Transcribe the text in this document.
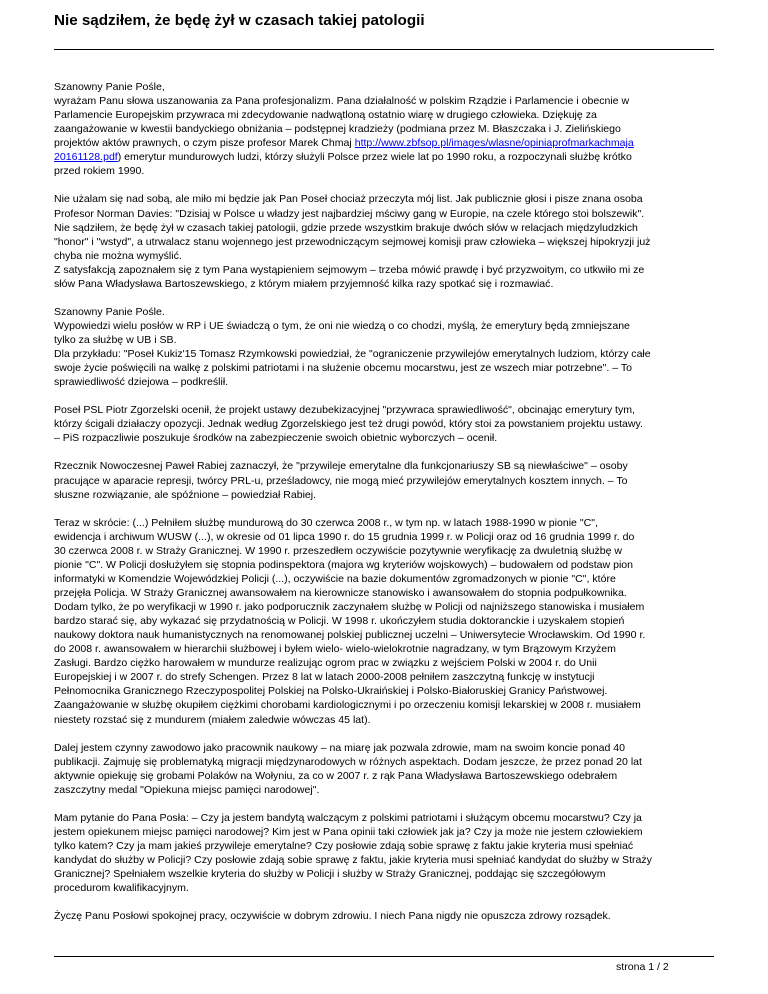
Nie sądziłem, że będę żył w czasach takiej patologii

Szanowny Panie Pośle,
wyrażam Panu słowa uszanowania za Pana profesjonalizm. Pana działalność w polskim Rządzie i Parlamencie i obecnie w
Parlamencie Europejskim przywraca mi zdecydowanie nadwątloną ostatnio wiarę w drugiego człowieka. Dziękuję za
zaangażowanie w kwestii bandyckiego obniżania – podstępnej kradzieży (podmiana przez M. Błaszczaka i J. Zielińskiego
projektów aktów prawnych, o czym pisze profesor Marek Chmaj http://www.zbfsop.pl/images/wlasne/opiniaprofmarkachmaja
20161128.pdf) emerytur mundurowych ludzi, którzy służyli Polsce przez wiele lat po 1990 roku, a rozpoczynali służbę krótko
przed rokiem 1990.

Nie użalam się nad sobą, ale miło mi będzie jak Pan Poseł chociaż przeczyta mój list. Jak publicznie głosi i pisze znana osoba
Profesor Norman Davies: "Dzisiaj w Polsce u władzy jest najbardziej mściwy gang w Europie, na czele którego stoi bolszewik".
Nie sądziłem, że będę żył w czasach takiej patologii, gdzie przede wszystkim brakuje dwóch słów w relacjach międzyludzkich
"honor" i "wstyd", a utrwalacz stanu wojennego jest przewodniczącym sejmowej komisji praw człowieka – większej hipokryzji już
chyba nie można wymyślić.
Z satysfakcją zapoznałem się z tym Pana wystąpieniem sejmowym – trzeba mówić prawdę i być przyzwoitym, co utkwiło mi ze
słów Pana Władysława Bartoszewskiego, z którym miałem przyjemność kilka razy spotkać się i rozmawiać.

Szanowny Panie Pośle.
Wypowiedzi wielu posłów w RP i UE świadczą o tym, że oni nie wiedzą o co chodzi, myślą, że emerytury będą zmniejszane
tylko za służbę w UB i SB.
Dla przykładu: "Poseł Kukiz'15 Tomasz Rzymkowski powiedział, że "ograniczenie przywilejów emerytalnych ludziom, którzy całe
swoje życie poświęcili na walkę z polskimi patriotami i na służenie obcemu mocarstwu, jest ze wszech miar potrzebne". – To
sprawiedliwość dziejowa – podkreślił.

Poseł PSL Piotr Zgorzelski ocenił, że projekt ustawy dezubekizacyjnej "przywraca sprawiedliwość", obcinając emerytury tym,
którzy ścigali działaczy opozycji. Jednak według Zgorzelskiego jest też drugi powód, który stoi za powstaniem projektu ustawy.
– PiS rozpaczliwie poszukuje środków na zabezpieczenie swoich obietnic wyborczych – ocenił.

Rzecznik Nowoczesnej Paweł Rabiej zaznaczył, że "przywileje emerytalne dla funkcjonariuszy SB są niewłaściwe" – osoby
pracujące w aparacie represji, twórcy PRL-u, prześladowcy, nie mogą mieć przywilejów emerytalnych kosztem innych. – To
słuszne rozwiązanie, ale spóźnione – powiedział Rabiej.

Teraz w skrócie: (...) Pełniłem służbę mundurową do 30 czerwca 2008 r., w tym np. w latach 1988-1990 w pionie "C",
ewidencja i archiwum WUSW (...), w okresie od 01 lipca 1990 r. do 15 grudnia 1999 r. w Policji oraz od 16 grudnia 1999 r. do
30 czerwca 2008 r. w Straży Granicznej. W 1990 r. przeszedłem oczywiście pozytywnie weryfikację za dwuletnią służbę w
pionie "C". W Policji dosłużyłem się stopnia podinspektora (majora wg kryteriów wojskowych) – budowałem od podstaw pion
informatyki w Komendzie Wojewódzkiej Policji (...), oczywiście na bazie dokumentów zgromadzonych w pionie "C", które
przejęła Policja. W Straży Granicznej awansowałem na kierownicze stanowisko i awansowałem do stopnia podpułkownika.
Dodam tylko, że po weryfikacji w 1990 r. jako podporucznik zaczynałem służbę w Policji od najniższego stanowiska i musiałem
bardzo starać się, aby wykazać się przydatnością w Policji. W 1998 r. ukończyłem studia doktoranckie i uzyskałem stopień
naukowy doktora nauk humanistycznych na renomowanej polskiej publicznej uczelni – Uniwersytecie Wrocławskim. Od 1990 r.
do 2008 r. awansowałem w hierarchii służbowej i byłem wielo- wielo-wielokrotnie nagradzany, w tym Brązowym Krzyżem
Zasługi. Bardzo ciężko harowałem w mundurze realizując ogrom prac w związku z wejściem Polski w 2004 r. do Unii
Europejskiej i w 2007 r. do strefy Schengen. Przez 8 lat w latach 2000-2008 pełniłem zaszczytną funkcję w instytucji
Pełnomocnika Granicznego Rzeczypospolitej Polskiej na Polsko-Ukraińskiej i Polsko-Białoruskiej Granicy Państwowej.
Zaangażowanie w służbę okupiłem ciężkimi chorobami kardiologicznymi i po orzeczeniu komisji lekarskiej w 2008 r. musiałem
niestety rozstać się z mundurem (miałem zaledwie wówczas 45 lat).

Dalej jestem czynny zawodowo jako pracownik naukowy – na miarę jak pozwala zdrowie, mam na swoim koncie ponad 40
publikacji. Zajmuję się problematyką migracji międzynarodowych w różnych aspektach. Dodam jeszcze, że przez ponad 20 lat
aktywnie opiekuję się grobami Polaków na Wołyniu, za co w 2007 r. z rąk Pana Władysława Bartoszewskiego odebrałem
zaszczytny medal "Opiekuna miejsc pamięci narodowej".

Mam pytanie do Pana Posła: – Czy ja jestem bandytą walczącym z polskimi patriotami i służącym obcemu mocarstwu? Czy ja
jestem opiekunem miejsc pamięci narodowej? Kim jest w Pana opinii taki człowiek jak ja? Czy ja może nie jestem człowiekiem
tylko katem? Czy ja mam jakieś przywileje emerytalne? Czy posłowie zdają sobie sprawę z faktu jakie kryteria musi spełniać
kandydat do służby w Policji? Czy posłowie zdają sobie sprawę z faktu, jakie kryteria musi spełniać kandydat do służby w Straży
Granicznej? Spełniałem wszelkie kryteria do służby w Policji i służby w Straży Granicznej, poddając się szczegółowym
procedurom kwalifikacyjnym.

Życzę Panu Posłowi spokojnej pracy, oczywiście w dobrym zdrowiu. I niech Pana nigdy nie opuszcza zdrowy rozsądek.

strona 1 / 2
